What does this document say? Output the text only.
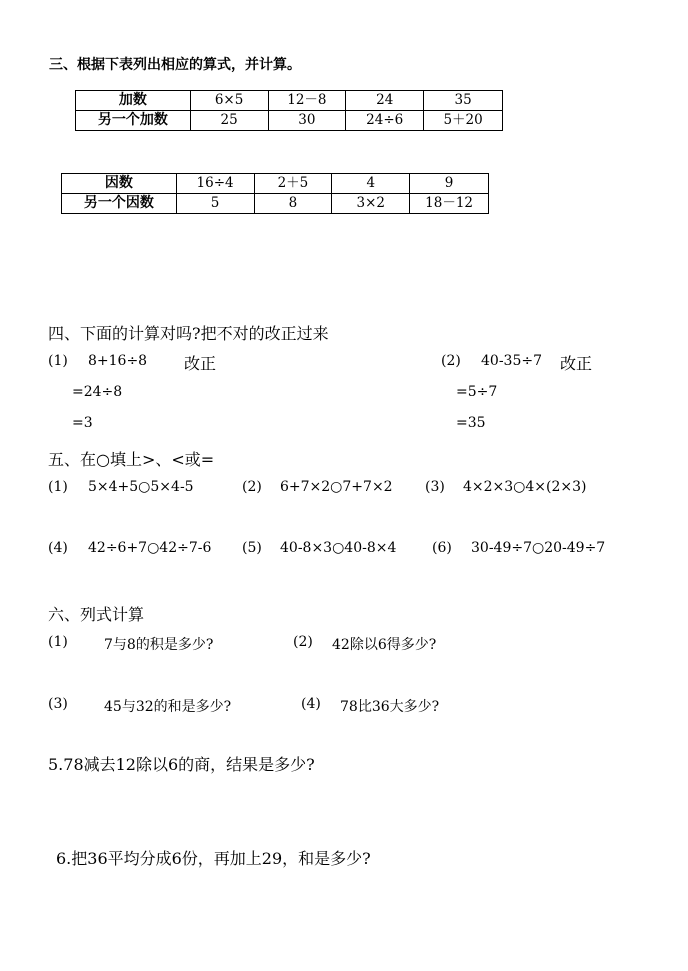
三、根据下表列出相应的算式，并计算。
加数	6×5	12－8	24	35
另一个加数	25	30	24÷6	5＋20
因数	16÷4	2＋5	4	9
另一个因数	5	8	3×2	18－12
四、下面的计算对吗?把不对的改正过来
(1) 8+16÷8 改正
=24÷8
=3
(2) 40-35÷7 改正
=5÷7
=35
五、在○填上>、<或=
(1) 5×4+5○5×4-5	(2) 6+7×2○7+7×2 (3) 4×2×3○4×(2×3)
(4) 42÷6+7○42÷7-6 (5) 40-8×3○40-8×4	(6) 30-49÷7○20-49÷7
六、列式计算
(1)	7与8的积是多少?	(2) 42除以6得多少?
(3)	45与32的和是多少?	(4) 78比36大多少?
5.78减去12除以6的商，结果是多少?
6.把36平均分成6份，再加上29，和是多少?
